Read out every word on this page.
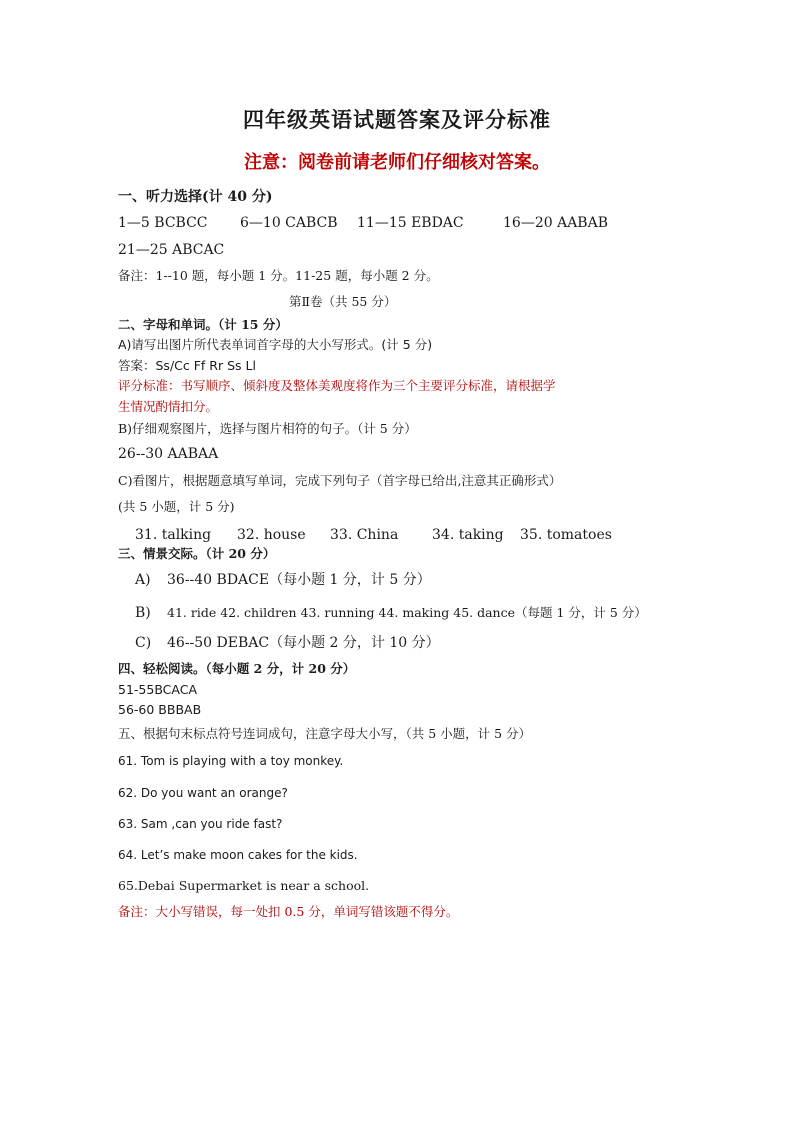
四年级英语试题答案及评分标准
注意：阅卷前请老师们仔细核对答案。
一、听力选择(计 40 分)
1—5 BCBCC 6—10 CABCB 11—15 EBDAC	16—20 AABAB
21—25 ABCAC
备注：1--10 题，每小题 1 分。11-25 题，每小题 2 分。
第Ⅱ卷（共 55 分）
二、字母和单词。（计 15 分）
A)请写出图片所代表单词首字母的大小写形式。(计 5 分)
答案：Ss/Cc Ff Rr Ss Ll
评分标准：书写顺序、倾斜度及整体美观度将作为三个主要评分标准，请根据学
生情况酌情扣分。
B)仔细观察图片，选择与图片相符的句子。（计 5 分）
26--30 AABAA
C)看图片，根据题意填写单词，完成下列句子（首字母已给出,注意其正确形式）
(共 5 小题，计 5 分)
31. talking 32. house 33. China 34. taking 35. tomatoes
三、情景交际。（计 20 分）
A) 36--40 BDACE（每小题 1 分，计 5 分）
B) 41. ride 42. children 43. running 44. making 45. dance（每题 1 分，计 5 分）
C) 46--50 DEBAC（每小题 2 分，计 10 分）
四、轻松阅读。（每小题 2 分，计 20 分）
51-55BCACA
56-60 BBBAB
五、根据句末标点符号连词成句，注意字母大小写，（共 5 小题，计 5 分）
61. Tom is playing with a toy monkey.
62. Do you want an orange?
63. Sam ,can you ride fast?
64. Let’s make moon cakes for the kids.
65.Debai Supermarket is near a school.
备注：大小写错误，每一处扣 0.5 分，单词写错该题不得分。
